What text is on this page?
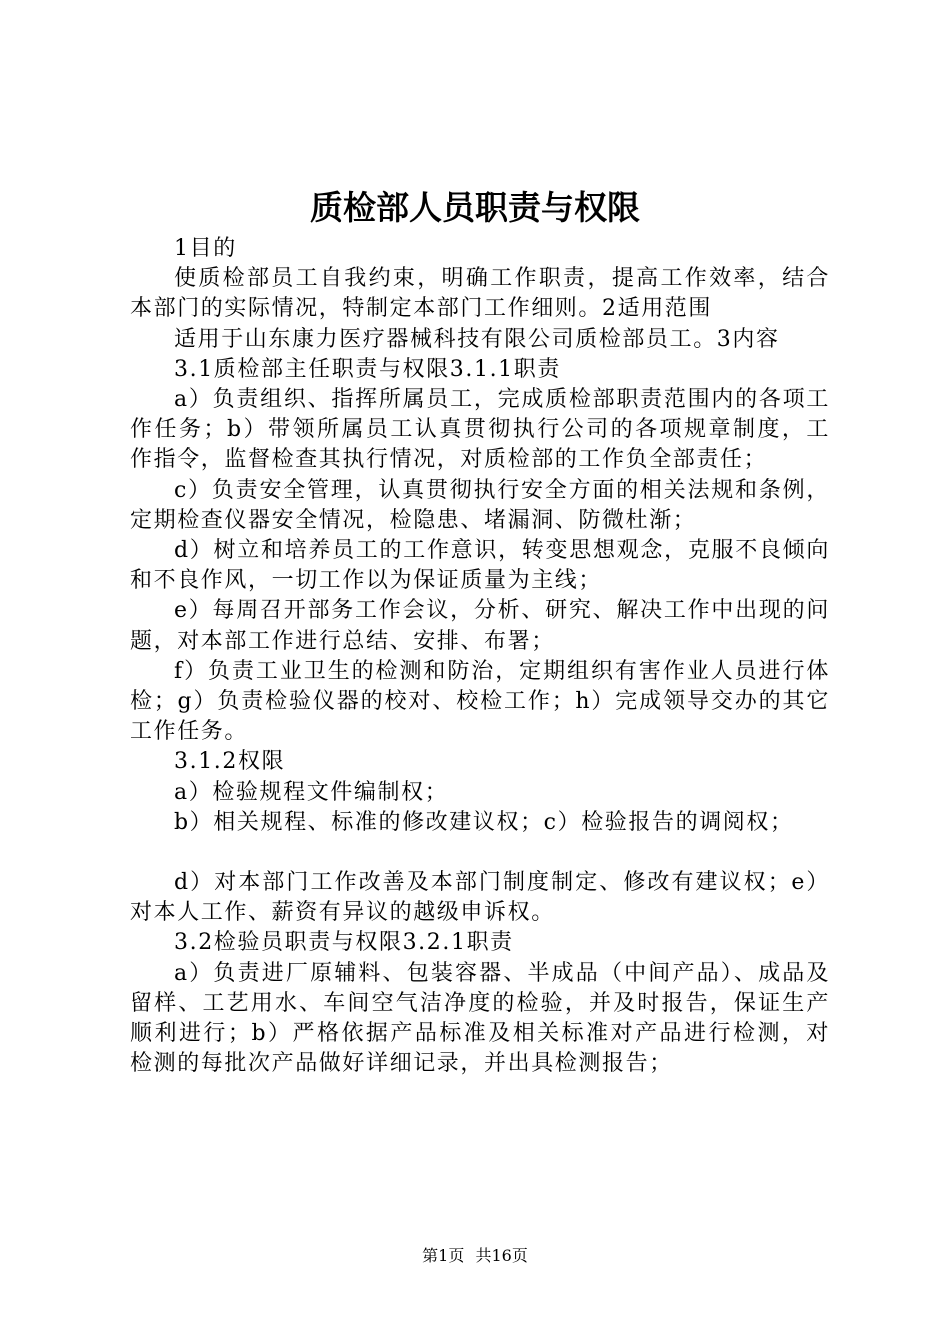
质检部人员职责与权限

1目的

使质检部员工自我约束，明确工作职责，提高工作效率，结合本部门的实际情况，特制定本部门工作细则。2适用范围

适用于山东康力医疗器械科技有限公司质检部员工。3内容

3.1质检部主任职责与权限3.1.1职责

a）负责组织、指挥所属员工，完成质检部职责范围内的各项工作任务；b）带领所属员工认真贯彻执行公司的各项规章制度，工作指令，监督检查其执行情况，对质检部的工作负全部责任；

c）负责安全管理，认真贯彻执行安全方面的相关法规和条例，定期检查仪器安全情况，检隐患、堵漏洞、防微杜渐；

d）树立和培养员工的工作意识，转变思想观念，克服不良倾向和不良作风，一切工作以为保证质量为主线；

e）每周召开部务工作会议，分析、研究、解决工作中出现的问题，对本部工作进行总结、安排、布署；

f）负责工业卫生的检测和防治，定期组织有害作业人员进行体检；g）负责检验仪器的校对、校检工作；h）完成领导交办的其它工作任务。

3.1.2权限

a）检验规程文件编制权；

b）相关规程、标准的修改建议权；c）检验报告的调阅权；

d）对本部门工作改善及本部门制度制定、修改有建议权；e）对本人工作、薪资有异议的越级申诉权。

3.2检验员职责与权限3.2.1职责

a）负责进厂原辅料、包装容器、半成品（中间产品）、成品及留样、工艺用水、车间空气洁净度的检验，并及时报告，保证生产顺利进行；b）严格依据产品标准及相关标准对产品进行检测，对检测的每批次产品做好详细记录，并出具检测报告；

第1页 共16页
